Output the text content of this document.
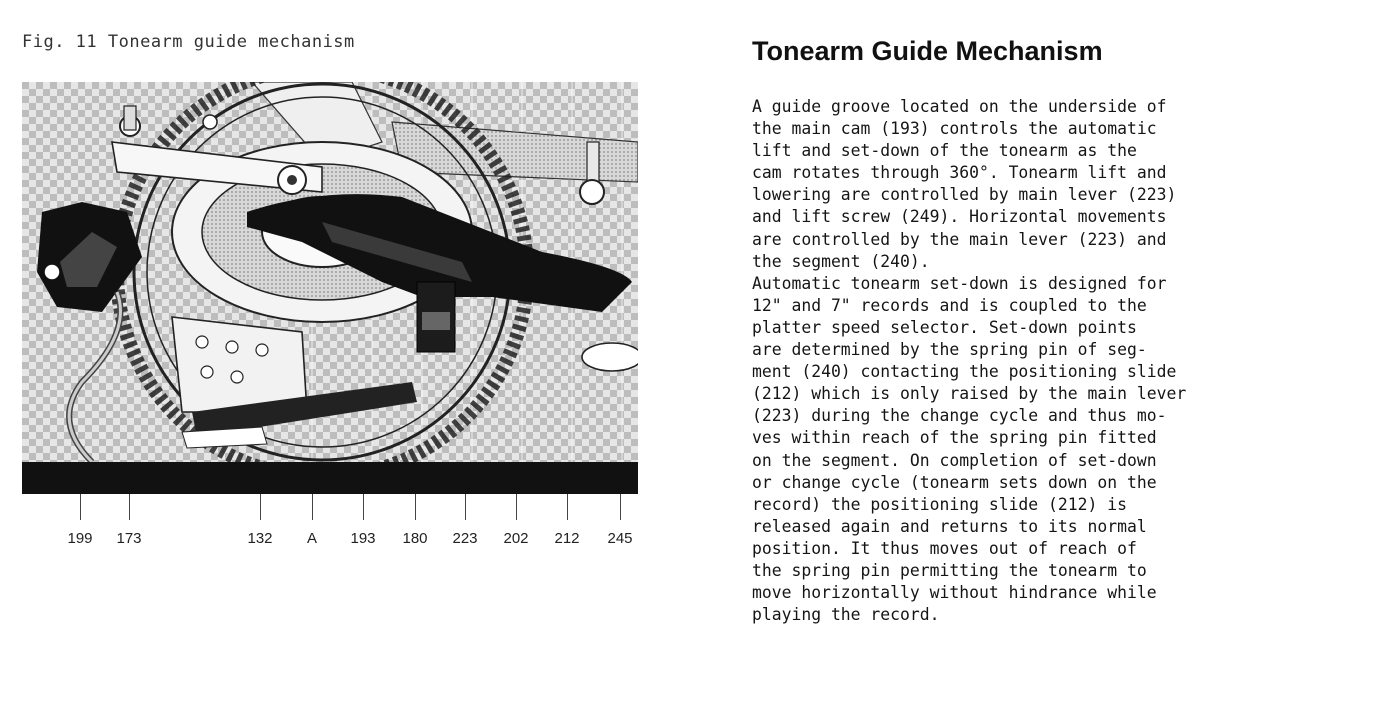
Fig. 11 Tonearm guide mechanism
199 173	132 A 193 180 223 202 212 245
Tonearm Guide Mechanism
A guide groove located on the underside of
the main cam (193) controls the automatic
lift and set-down of the tonearm as the
cam rotates through 360°. Tonearm lift and
lowering are controlled by main lever (223)
and lift screw (249). Horizontal movements
are controlled by the main lever (223) and
the segment (240).
Automatic tonearm set-down is designed for
12" and 7" records and is coupled to the
platter speed selector. Set-down points
are determined by the spring pin of seg-
ment (240) contacting the positioning slide
(212) which is only raised by the main lever
(223) during the change cycle and thus mo-
ves within reach of the spring pin fitted
on the segment. On completion of set-down
or change cycle (tonearm sets down on the
record) the positioning slide (212) is
released again and returns to its normal
position. It thus moves out of reach of
the spring pin permitting the tonearm to
move horizontally without hindrance while
playing the record.
